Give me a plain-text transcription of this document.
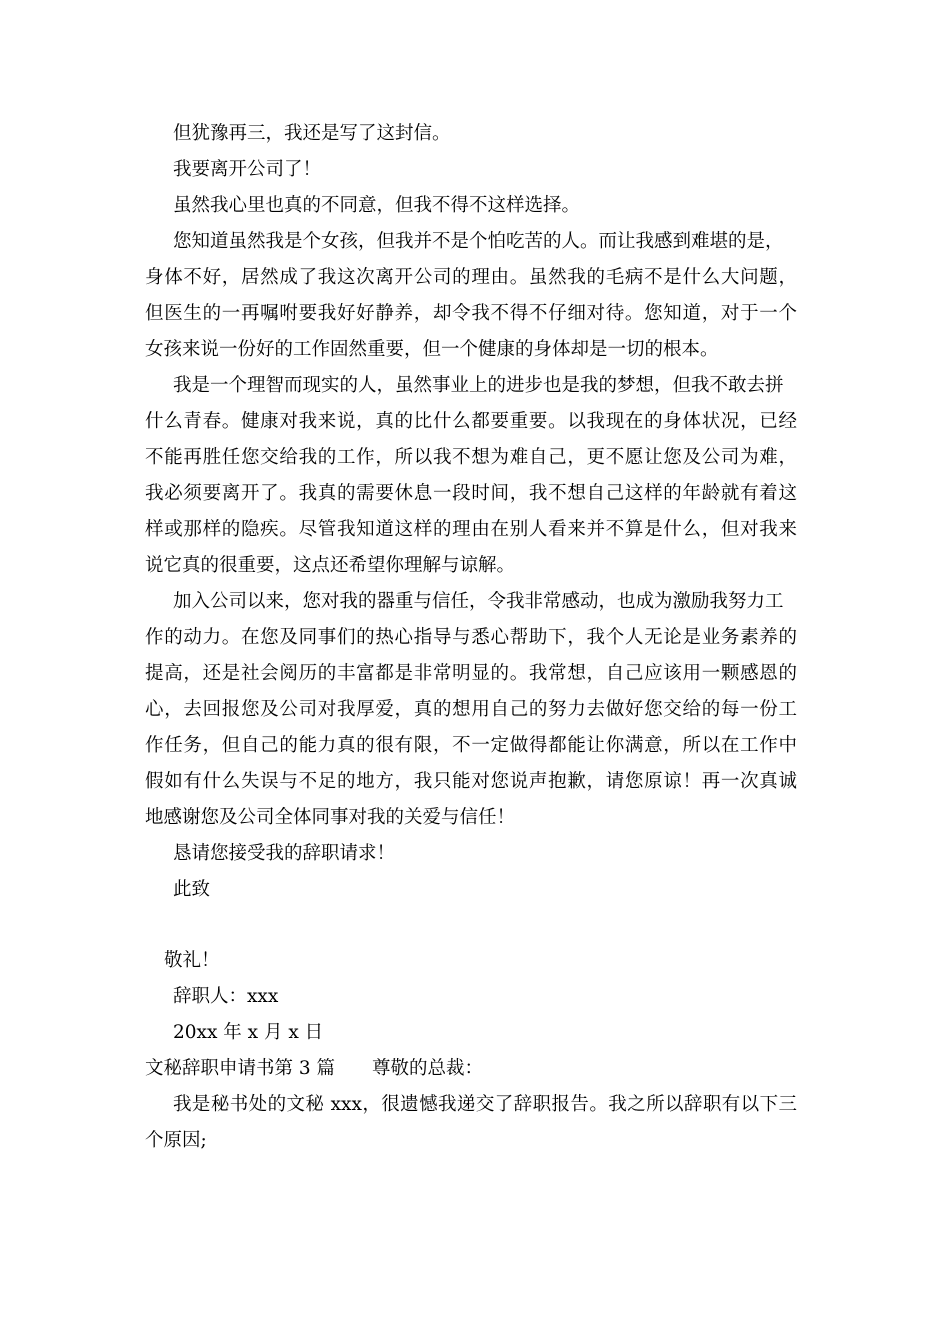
但犹豫再三，我还是写了这封信。
我要离开公司了！
虽然我心里也真的不同意，但我不得不这样选择。
您知道虽然我是个女孩，但我并不是个怕吃苦的人。而让我感到难堪的是，
身体不好，居然成了我这次离开公司的理由。虽然我的毛病不是什么大问题，
但医生的一再嘱咐要我好好静养，却令我不得不仔细对待。您知道，对于一个
女孩来说一份好的工作固然重要，但一个健康的身体却是一切的根本。
我是一个理智而现实的人，虽然事业上的进步也是我的梦想，但我不敢去拼
什么青春。健康对我来说，真的比什么都要重要。以我现在的身体状况，已经
不能再胜任您交给我的工作，所以我不想为难自己，更不愿让您及公司为难，
我必须要离开了。我真的需要休息一段时间，我不想自己这样的年龄就有着这
样或那样的隐疾。尽管我知道这样的理由在别人看来并不算是什么，但对我来
说它真的很重要，这点还希望你理解与谅解。
加入公司以来，您对我的器重与信任，令我非常感动，也成为激励我努力工
作的动力。在您及同事们的热心指导与悉心帮助下，我个人无论是业务素养的
提高，还是社会阅历的丰富都是非常明显的。我常想，自己应该用一颗感恩的
心，去回报您及公司对我厚爱，真的想用自己的努力去做好您交给的每一份工
作任务，但自己的能力真的很有限，不一定做得都能让你满意，所以在工作中
假如有什么失误与不足的地方，我只能对您说声抱歉，请您原谅！再一次真诚
地感谢您及公司全体同事对我的关爱与信任！
恳请您接受我的辞职请求！
此致
敬礼！
辞职人：xxx
20xx 年 x 月 x 日
文秘辞职申请书第 3 篇　　尊敬的总裁：
我是秘书处的文秘 xxx，很遗憾我递交了辞职报告。我之所以辞职有以下三
个原因;
